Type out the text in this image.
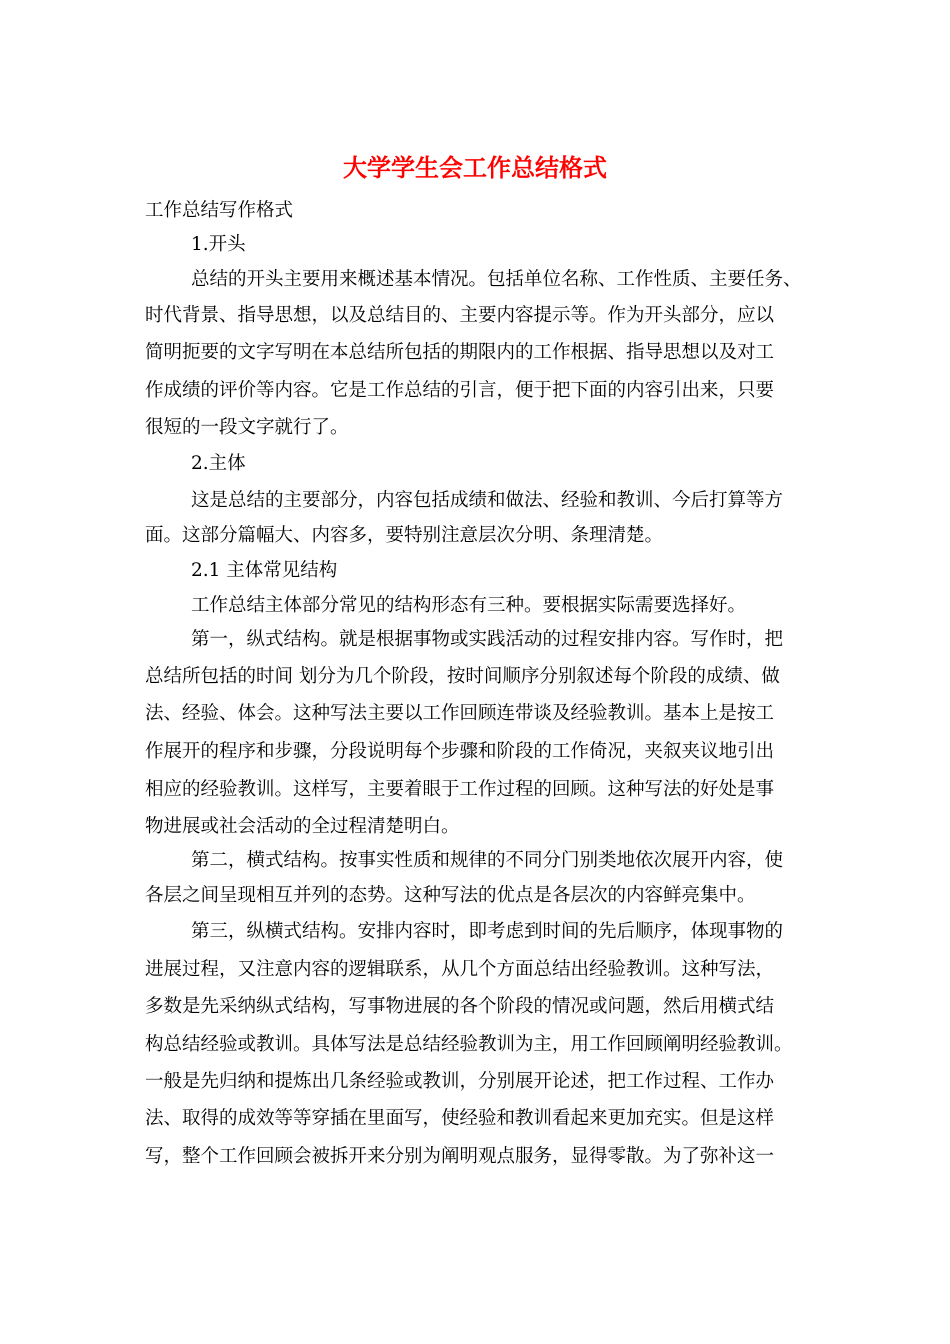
大学学生会工作总结格式
工作总结写作格式
1.开头
总结的开头主要用来概述基本情况。包括单位名称、工作性质、主要任务、
时代背景、指导思想，以及总结目的、主要内容提示等。作为开头部分，应以
简明扼要的文字写明在本总结所包括的期限内的工作根据、指导思想以及对工
作成绩的评价等内容。它是工作总结的引言，便于把下面的内容引出来，只要
很短的一段文字就行了。
2.主体
这是总结的主要部分，内容包括成绩和做法、经验和教训、今后打算等方
面。这部分篇幅大、内容多，要特别注意层次分明、条理清楚。
2.1 主体常见结构
工作总结主体部分常见的结构形态有三种。要根据实际需要选择好。
第一，纵式结构。就是根据事物或实践活动的过程安排内容。写作时，把
总结所包括的时间 划分为几个阶段，按时间顺序分别叙述每个阶段的成绩、做
法、经验、体会。这种写法主要以工作回顾连带谈及经验教训。基本上是按工
作展开的程序和步骤，分段说明每个步骤和阶段的工作倚况，夹叙夹议地引出
相应的经验教训。这样写，主要着眼于工作过程的回顾。这种写法的好处是事
物进展或社会活动的全过程清楚明白。
第二，横式结构。按事实性质和规律的不同分门别类地依次展开内容，使
各层之间呈现相互并列的态势。这种写法的优点是各层次的内容鲜亮集中。
第三，纵横式结构。安排内容时，即考虑到时间的先后顺序，体现事物的
进展过程，又注意内容的逻辑联系，从几个方面总结出经验教训。这种写法，
多数是先采纳纵式结构，写事物进展的各个阶段的情况或问题，然后用横式结
构总结经验或教训。具体写法是总结经验教训为主，用工作回顾阐明经验教训。
一般是先归纳和提炼出几条经验或教训，分别展开论述，把工作过程、工作办
法、取得的成效等等穿插在里面写，使经验和教训看起来更加充实。但是这样
写，整个工作回顾会被拆开来分别为阐明观点服务，显得零散。为了弥补这一
